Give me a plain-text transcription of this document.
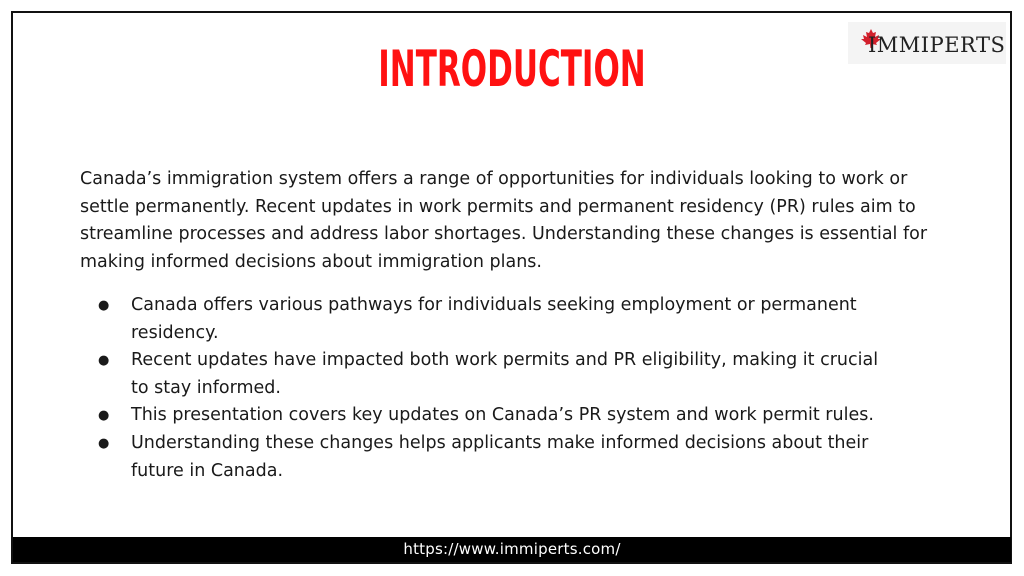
IMMIPERTS
INTRODUCTION

Canada’s immigration system offers a range of opportunities for individuals looking to work or settle permanently. Recent updates in work permits and permanent residency (PR) rules aim to streamline processes and address labor shortages. Understanding these changes is essential for making informed decisions about immigration plans.

● Canada offers various pathways for individuals seeking employment or permanent residency.
● Recent updates have impacted both work permits and PR eligibility, making it crucial to stay informed.
● This presentation covers key updates on Canada’s PR system and work permit rules.
● Understanding these changes helps applicants make informed decisions about their future in Canada.
https://www.immiperts.com/
